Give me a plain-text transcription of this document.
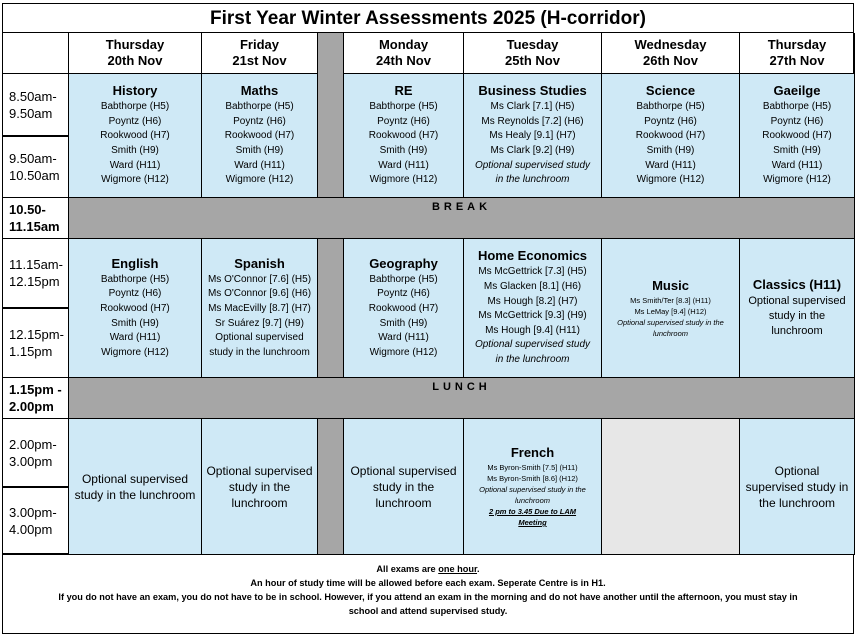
First Year Winter Assessments 2025 (H-corridor)
Thursday
20th Nov
Friday
21st Nov
Monday
24th Nov
Tuesday
25th Nov
Wednesday
26th Nov
Thursday
27th Nov
8.50am-
9.50am
9.50am-
10.50am
10.50-
11.15am
11.15am-
12.15pm
12.15pm-
1.15pm
1.15pm -
2.00pm
2.00pm-
3.00pm
3.00pm-
4.00pm
BREAK
LUNCH
History
Babthorpe (H5)
Poyntz (H6)
Rookwood (H7)
Smith (H9)
Ward (H11)
Wigmore (H12)
Maths
Babthorpe (H5)
Poyntz (H6)
Rookwood (H7)
Smith (H9)
Ward (H11)
Wigmore (H12)
RE
Babthorpe (H5)
Poyntz (H6)
Rookwood (H7)
Smith (H9)
Ward (H11)
Wigmore (H12)
Business Studies
Ms Clark [7.1] (H5)
Ms Reynolds [7.2] (H6)
Ms Healy [9.1] (H7)
Ms Clark [9.2] (H9)
Optional supervised study
in the lunchroom
Science
Babthorpe (H5)
Poyntz (H6)
Rookwood (H7)
Smith (H9)
Ward (H11)
Wigmore (H12)
Gaeilge
Babthorpe (H5)
Poyntz (H6)
Rookwood (H7)
Smith (H9)
Ward (H11)
Wigmore (H12)
English
Babthorpe (H5)
Poyntz (H6)
Rookwood (H7)
Smith (H9)
Ward (H11)
Wigmore (H12)
Spanish
Ms O'Connor [7.6] (H5)
Ms O'Connor [9.6] (H6)
Ms MacEvilly [8.7] (H7)
Sr Suárez [9.7] (H9)
Optional supervised
study in the lunchroom
Geography
Babthorpe (H5)
Poyntz (H6)
Rookwood (H7)
Smith (H9)
Ward (H11)
Wigmore (H12)
Home Economics
Ms McGettrick [7.3] (H5)
Ms Glacken [8.1] (H6)
Ms Hough [8.2] (H7)
Ms McGettrick [9.3] (H9)
Ms Hough [9.4] (H11)
Optional supervised study
in the lunchroom
Music
Ms Smith/Ter [8.3] (H11)
Ms LeMay [9.4] (H12)
Optional supervised study in the
lunchroom
Classics (H11)
Optional supervised
study in the
lunchroom
Optional supervised
study in the lunchroom
Optional supervised
study in the
lunchroom
Optional supervised
study in the
lunchroom
French
Ms Byron-Smith [7.5] (H11)
Ms Byron-Smith [8.6] (H12)
Optional supervised study in the
lunchroom
2 pm to 3.45 Due to LAM
Meeting
Optional
supervised study in
the lunchroom
All exams are one hour.
An hour of study time will be allowed before each exam. Seperate Centre is in H1.
If you do not have an exam, you do not have to be in school. However, if you attend an exam in the morning and do not have another until the afternoon, you must stay in
school and attend supervised study.
